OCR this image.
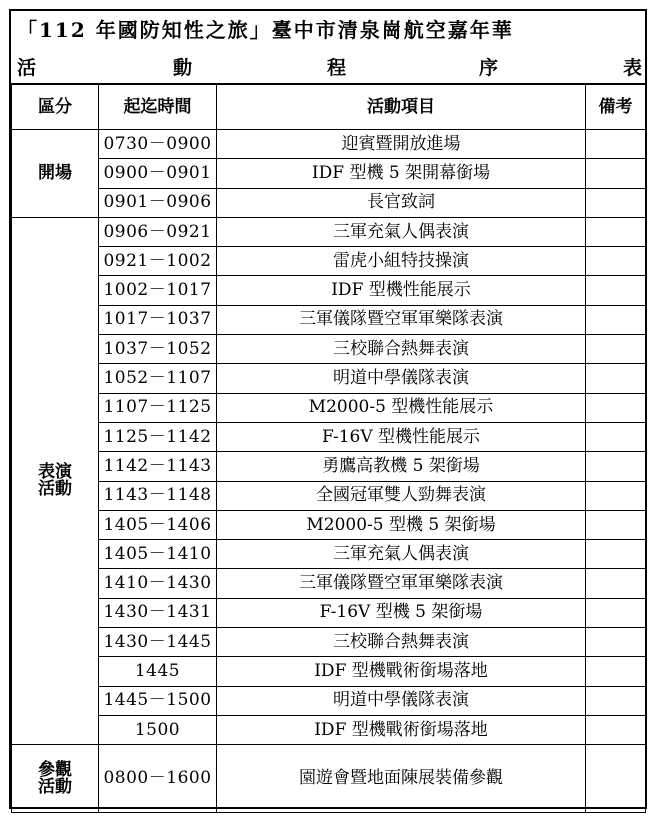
「112 年國防知性之旅」臺中市清泉崗航空嘉年華
活	動	程	序	表
區分	起迄時間	活動項目	備考

開場	0730－0900	迎賓暨開放進場	
	0900－0901	IDF 型機 5 架開幕銜場	
	0901－0906	長官致詞	

表演
活動	0906－0921	三軍充氣人偶表演	
	0921－1002	雷虎小組特技操演	
	1002－1017	IDF 型機性能展示	
	1017－1037	三軍儀隊暨空軍軍樂隊表演	
	1037－1052	三校聯合熱舞表演	
	1052－1107	明道中學儀隊表演	
	1107－1125	M2000-5 型機性能展示	
	1125－1142	F-16V 型機性能展示	
	1142－1143	勇鷹高教機 5 架銜場	
	1143－1148	全國冠軍雙人勁舞表演	
	1405－1406	M2000-5 型機 5 架銜場	
	1405－1410	三軍充氣人偶表演	
	1410－1430	三軍儀隊暨空軍軍樂隊表演	
	1430－1431	F-16V 型機 5 架銜場	
	1430－1445	三校聯合熱舞表演	
	1445	IDF 型機戰術銜場落地	
	1445－1500	明道中學儀隊表演	
	1500	IDF 型機戰術銜場落地	

參觀
活動	0800－1600	園遊會暨地面陳展裝備參觀	
